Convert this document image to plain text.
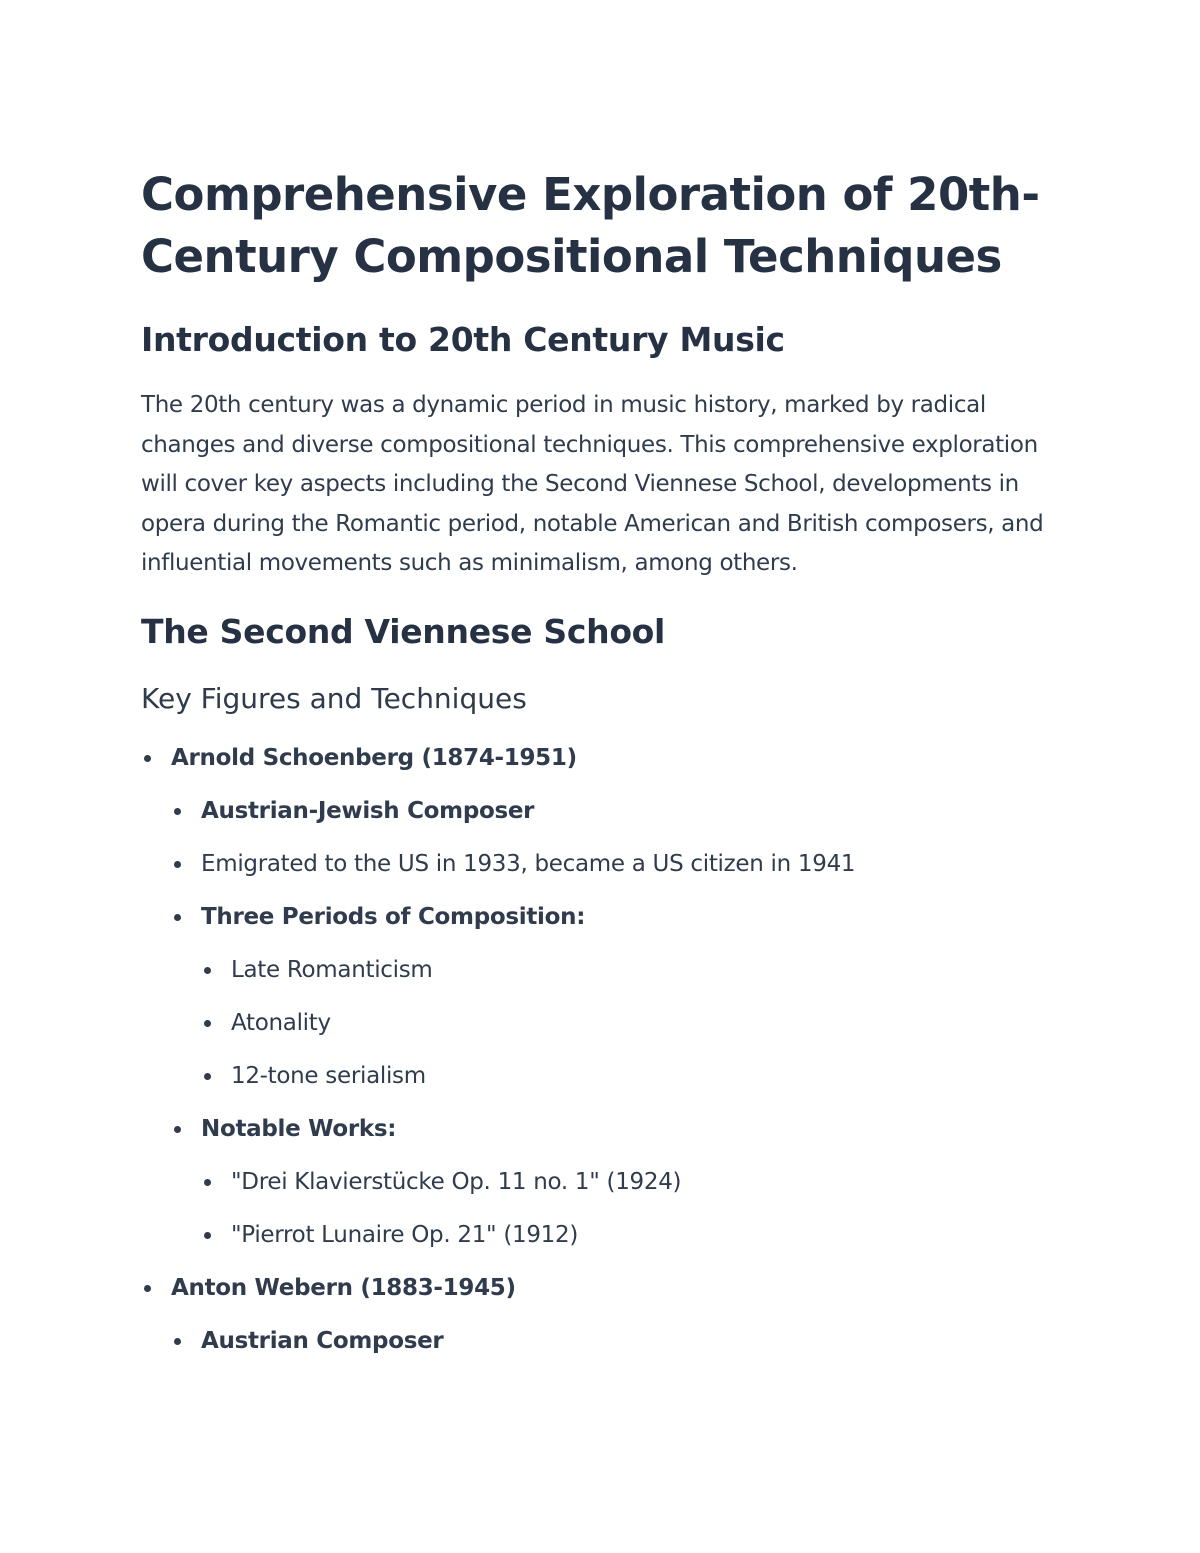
Comprehensive Exploration of 20th-Century Compositional Techniques
Introduction to 20th Century Music

The 20th century was a dynamic period in music history, marked by radical changes and diverse compositional techniques. This comprehensive exploration will cover key aspects including the Second Viennese School, developments in opera during the Romantic period, notable American and British composers, and influential movements such as minimalism, among others.

The Second Viennese School
Key Figures and Techniques
Arnold Schoenberg (1874-1951)
Austrian-Jewish Composer
Emigrated to the US in 1933, became a US citizen in 1941
Three Periods of Composition:
Late Romanticism
Atonality
12-tone serialism
Notable Works:
"Drei Klavierstücke Op. 11 no. 1" (1924)
"Pierrot Lunaire Op. 21" (1912)
Anton Webern (1883-1945)
Austrian Composer
